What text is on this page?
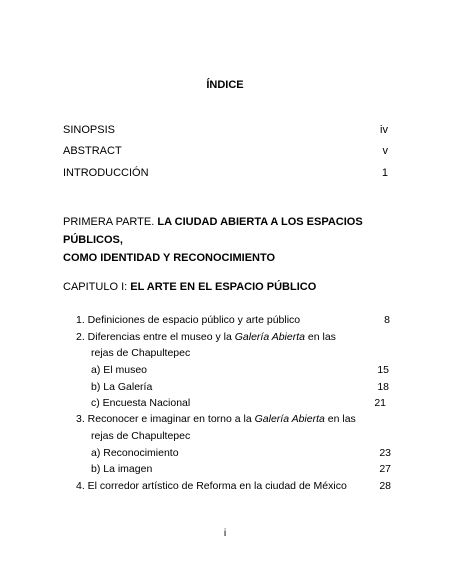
ÍNDICE
SINOPSIS	iv
ABSTRACT	v
INTRODUCCIÓN	1
PRIMERA PARTE. LA CIUDAD ABIERTA A LOS ESPACIOS PÚBLICOS,
COMO IDENTIDAD Y RECONOCIMIENTO
CAPITULO I: EL ARTE EN EL ESPACIO PÚBLICO
1. Definiciones de espacio público y arte público	8
2. Diferencias entre el museo y la Galería Abierta en las
rejas de Chapultepec
a) El museo	15
b) La Galería	18
c) Encuesta Nacional	21
3. Reconocer e imaginar en torno a la Galería Abierta en las
rejas de Chapultepec
a) Reconocimiento	23
b) La imagen	27
4. El corredor artístico de Reforma en la ciudad de México	28
i
